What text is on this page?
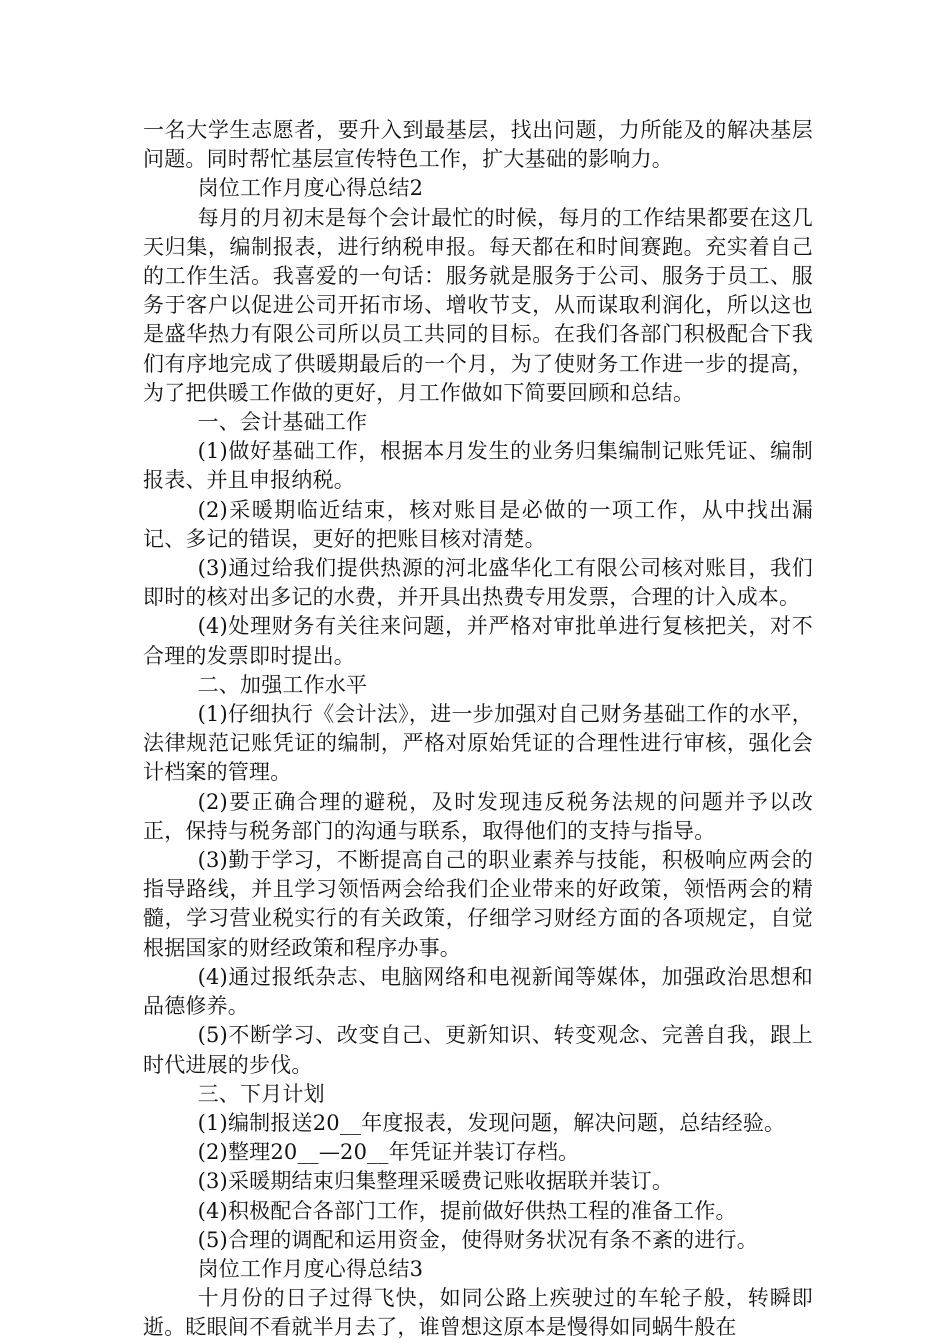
一名大学生志愿者，要升入到最基层，找出问题，力所能及的解决基层问题。同时帮忙基层宣传特色工作，扩大基础的影响力。

岗位工作月度心得总结2

每月的月初末是每个会计最忙的时候，每月的工作结果都要在这几天归集，编制报表，进行纳税申报。每天都在和时间赛跑。充实着自己的工作生活。我喜爱的一句话：服务就是服务于公司、服务于员工、服务于客户以促进公司开拓市场、增收节支，从而谋取利润化，所以这也是盛华热力有限公司所以员工共同的目标。在我们各部门积极配合下我们有序地完成了供暖期最后的一个月，为了使财务工作进一步的提高，为了把供暖工作做的更好，月工作做如下简要回顾和总结。

一、会计基础工作

(1)做好基础工作，根据本月发生的业务归集编制记账凭证、编制报表、并且申报纳税。

(2)采暖期临近结束，核对账目是必做的一项工作，从中找出漏记、多记的错误，更好的把账目核对清楚。

(3)通过给我们提供热源的河北盛华化工有限公司核对账目，我们即时的核对出多记的水费，并开具出热费专用发票，合理的计入成本。

(4)处理财务有关往来问题，并严格对审批单进行复核把关，对不合理的发票即时提出。

二、加强工作水平

(1)仔细执行《会计法》，进一步加强对自己财务基础工作的水平，法律规范记账凭证的编制，严格对原始凭证的合理性进行审核，强化会计档案的管理。

(2)要正确合理的避税，及时发现违反税务法规的问题并予以改正，保持与税务部门的沟通与联系，取得他们的支持与指导。

(3)勤于学习，不断提高自己的职业素养与技能，积极响应两会的指导路线，并且学习领悟两会给我们企业带来的好政策，领悟两会的精髓，学习营业税实行的有关政策，仔细学习财经方面的各项规定，自觉根据国家的财经政策和程序办事。

(4)通过报纸杂志、电脑网络和电视新闻等媒体，加强政治思想和品德修养。

(5)不断学习、改变自己、更新知识、转变观念、完善自我，跟上时代进展的步伐。

三、下月计划

(1)编制报送20__年度报表，发现问题，解决问题，总结经验。

(2)整理20__—20__年凭证并装订存档。

(3)采暖期结束归集整理采暖费记账收据联并装订。

(4)积极配合各部门工作，提前做好供热工程的准备工作。

(5)合理的调配和运用资金，使得财务状况有条不紊的进行。

岗位工作月度心得总结3

十月份的日子过得飞快，如同公路上疾驶过的车轮子般，转瞬即逝。眨眼间不看就半月去了，谁曾想这原本是慢得如同蜗牛般在
